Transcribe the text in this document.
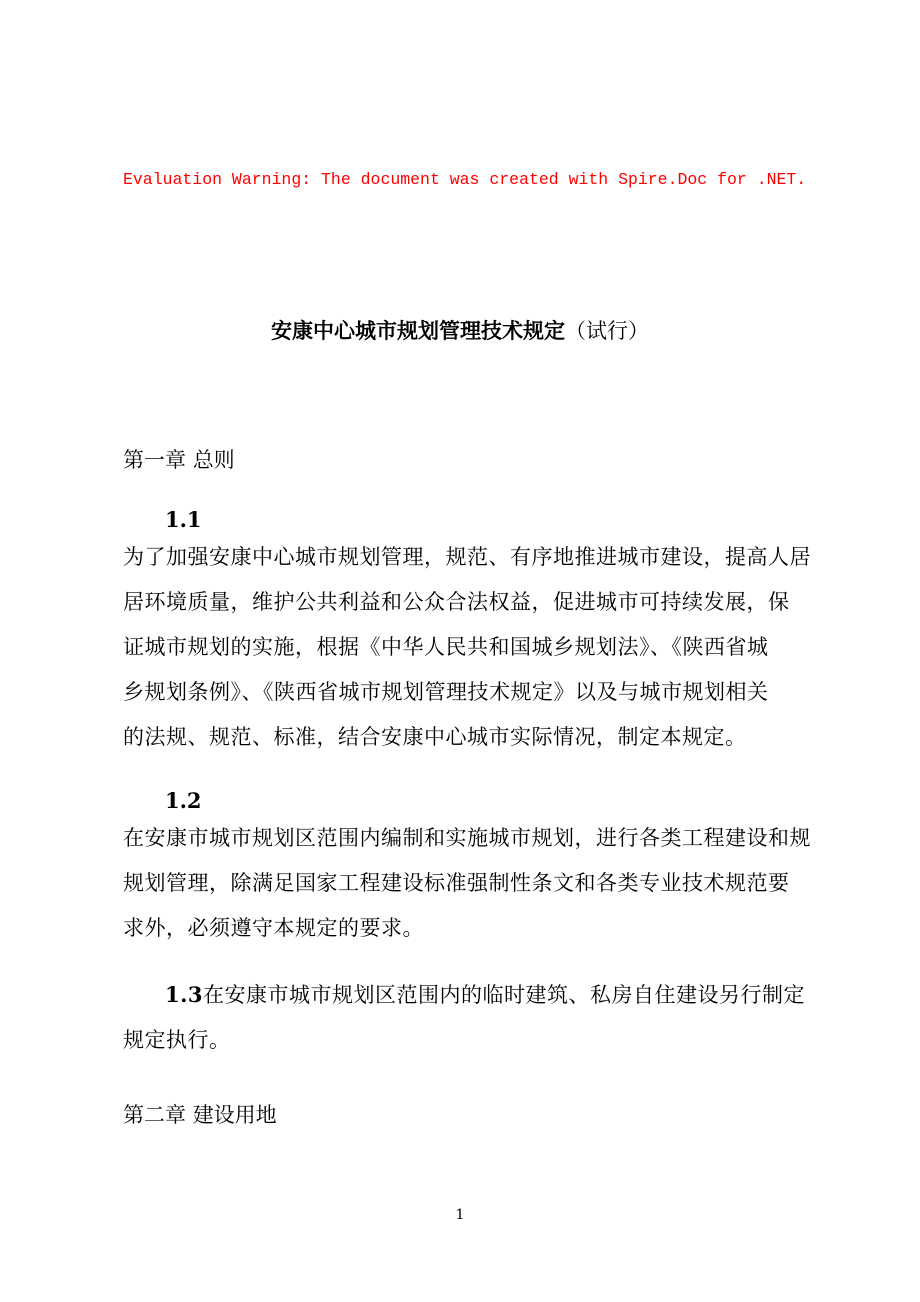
Evaluation Warning: The document was created with Spire.Doc for .NET.
安康中心城市规划管理技术规定（试行）
第一章 总则
1.1
为了加强安康中心城市规划管理，规范、有序地推进城市建设，提高人居
居环境质量，维护公共利益和公众合法权益，促进城市可持续发展，保
证城市规划的实施，根据《中华人民共和国城乡规划法》、《陕西省城
乡规划条例》、《陕西省城市规划管理技术规定》以及与城市规划相关
的法规、规范、标准，结合安康中心城市实际情况，制定本规定。
1.2
在安康市城市规划区范围内编制和实施城市规划，进行各类工程建设和规
规划管理，除满足国家工程建设标准强制性条文和各类专业技术规范要
求外，必须遵守本规定的要求。
1.3在安康市城市规划区范围内的临时建筑、私房自住建设另行制定
规定执行。
第二章 建设用地
1
